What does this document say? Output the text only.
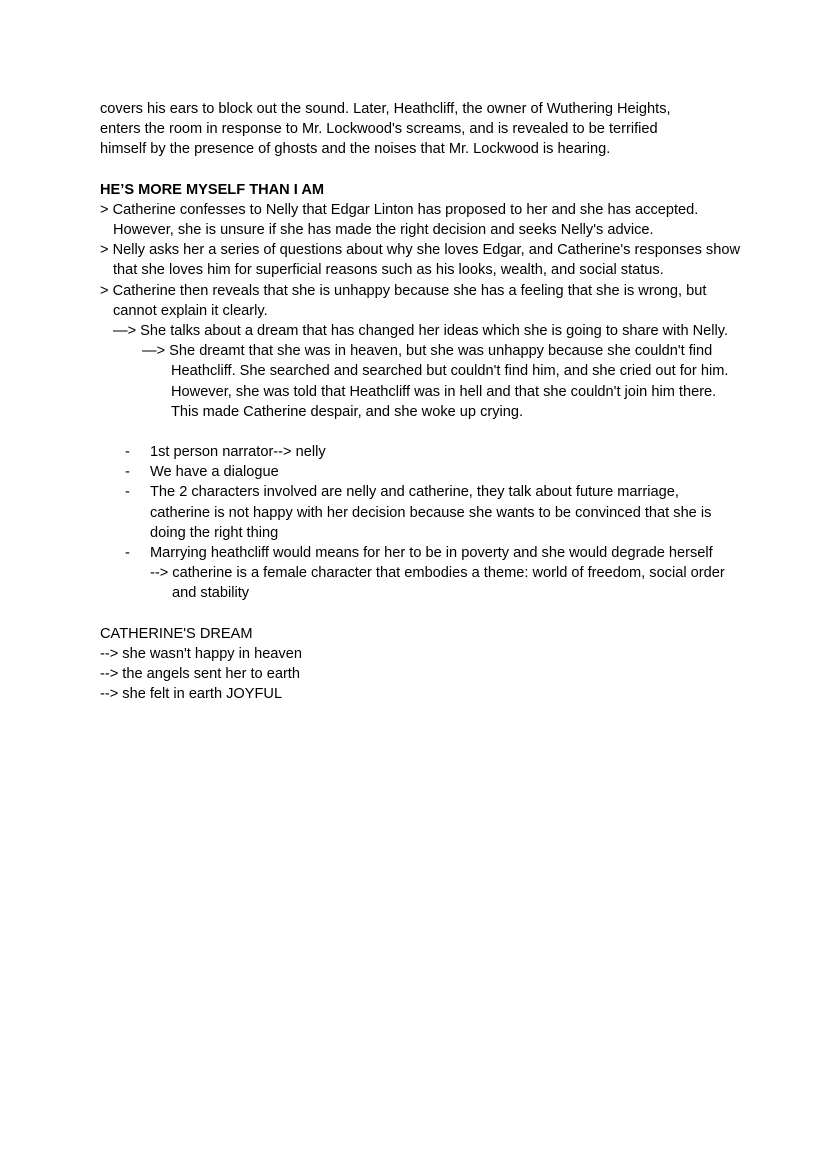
covers his ears to block out the sound. Later, Heathcliff, the owner of Wuthering Heights,
enters the room in response to Mr. Lockwood's screams, and is revealed to be terrified
himself by the presence of ghosts and the noises that Mr. Lockwood is hearing.
HE’S MORE MYSELF THAN I AM
> Catherine confesses to Nelly that Edgar Linton has proposed to her and she has accepted. However, she is unsure if she has made the right decision and seeks Nelly's advice.
> Nelly asks her a series of questions about why she loves Edgar, and Catherine's responses show that she loves him for superficial reasons such as his looks, wealth, and social status.
> Catherine then reveals that she is unhappy because she has a feeling that she is wrong, but cannot explain it clearly.
—> She talks about a dream that has changed her ideas which she is going to share with Nelly.
—> She dreamt that she was in heaven, but she was unhappy because she couldn't find Heathcliff. She searched and searched but couldn't find him, and she cried out for him. However, she was told that Heathcliff was in hell and that she couldn't join him there. This made Catherine despair, and she woke up crying.
- 1st person narrator--> nelly
- We have a dialogue
- The 2 characters involved are nelly and catherine, they talk about future marriage, catherine is not happy with her decision because she wants to be convinced that she is doing the right thing
- Marrying heathcliff would means for her to be in poverty and she would degrade herself
--> catherine is a female character that embodies a theme: world of freedom, social order and stability
CATHERINE'S DREAM
--> she wasn't happy in heaven
--> the angels sent her to earth
--> she felt in earth JOYFUL
